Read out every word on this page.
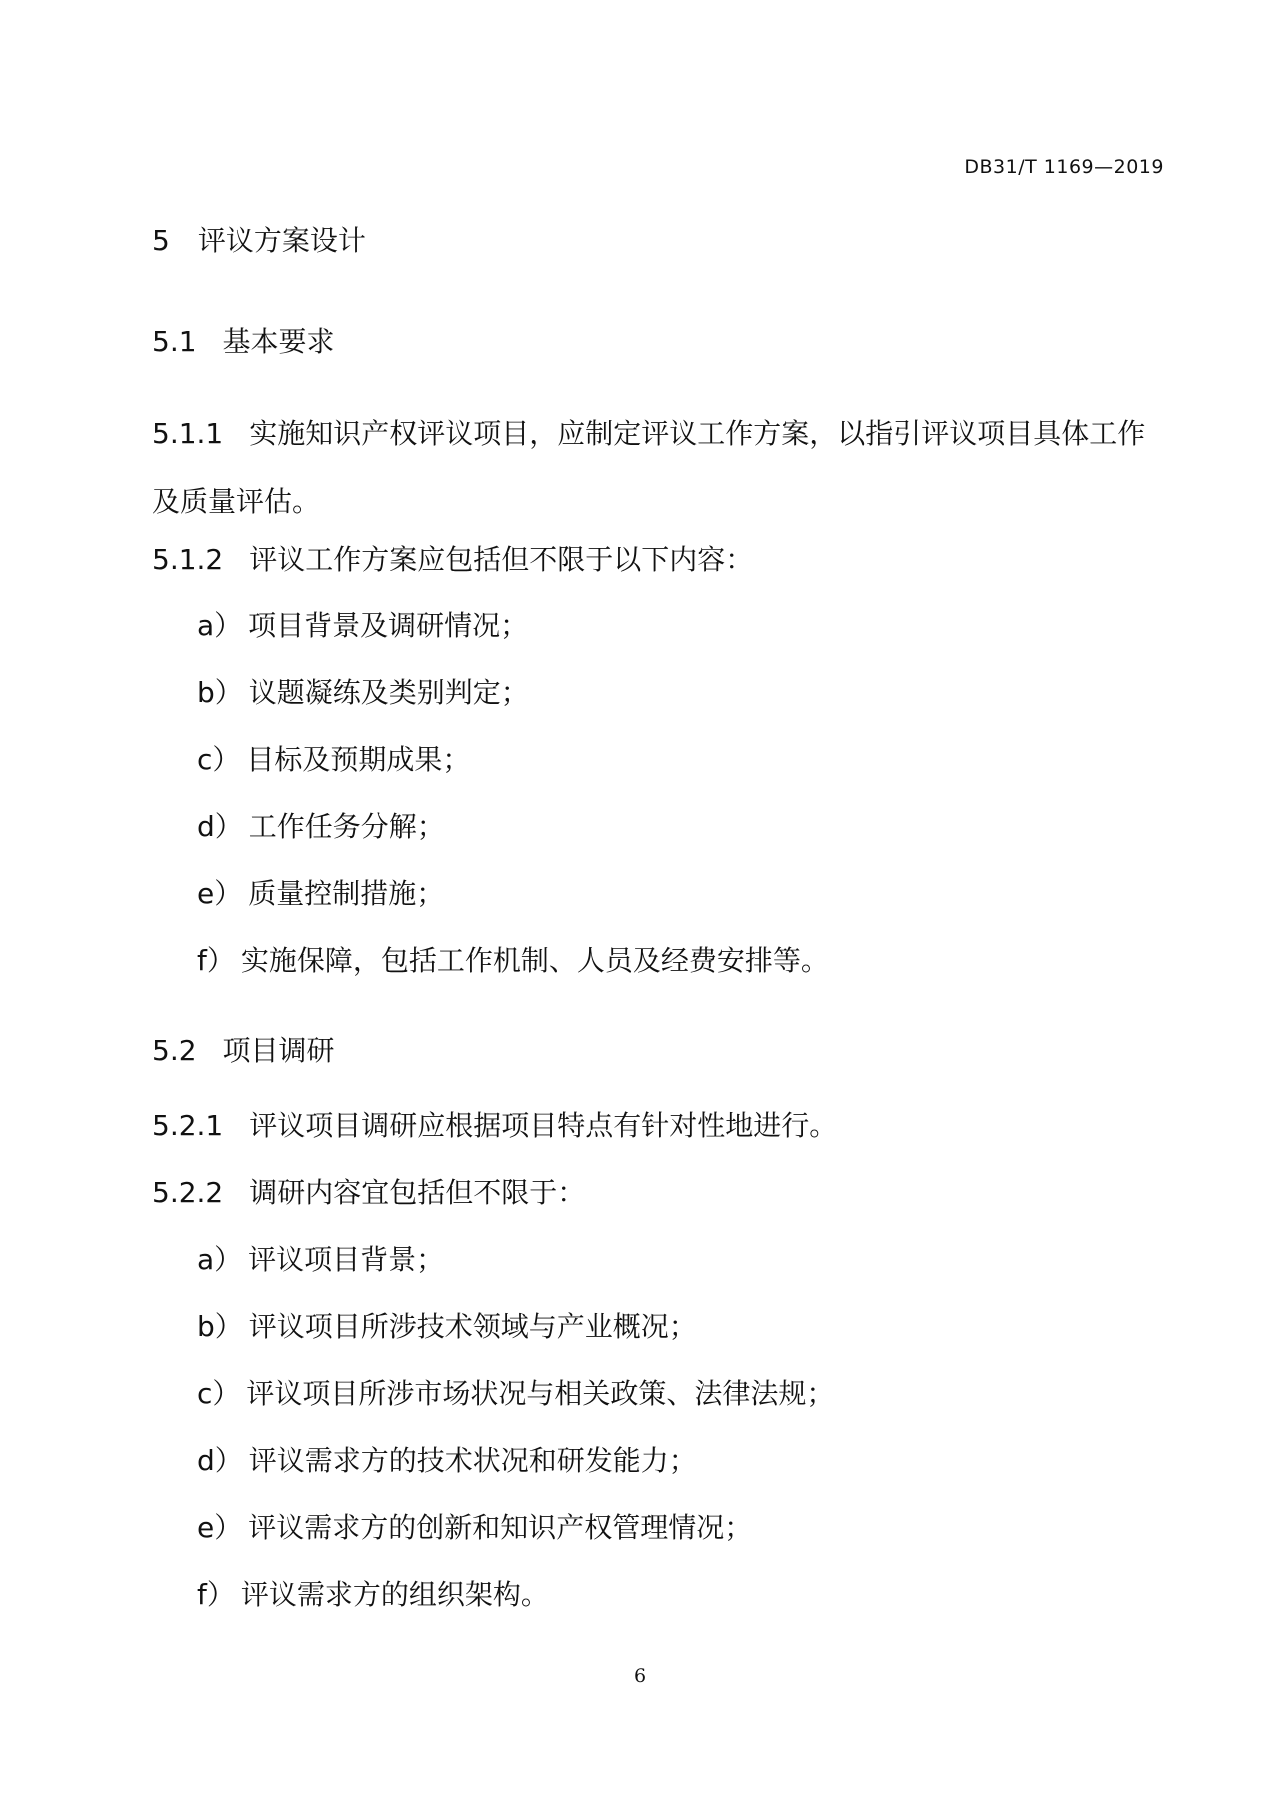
DB31/T 1169—2019
5 评议方案设计
5.1 基本要求
5.1.1 实施知识产权评议项目，应制定评议工作方案，以指引评议项目具体工作及质量评估。
5.1.2 评议工作方案应包括但不限于以下内容：
a） 项目背景及调研情况；
b） 议题凝练及类别判定；
c） 目标及预期成果；
d） 工作任务分解；
e） 质量控制措施；
f） 实施保障，包括工作机制、人员及经费安排等。
5.2 项目调研
5.2.1 评议项目调研应根据项目特点有针对性地进行。
5.2.2 调研内容宜包括但不限于：
a） 评议项目背景；
b） 评议项目所涉技术领域与产业概况；
c） 评议项目所涉市场状况与相关政策、法律法规；
d） 评议需求方的技术状况和研发能力；
e） 评议需求方的创新和知识产权管理情况；
f） 评议需求方的组织架构。
6
